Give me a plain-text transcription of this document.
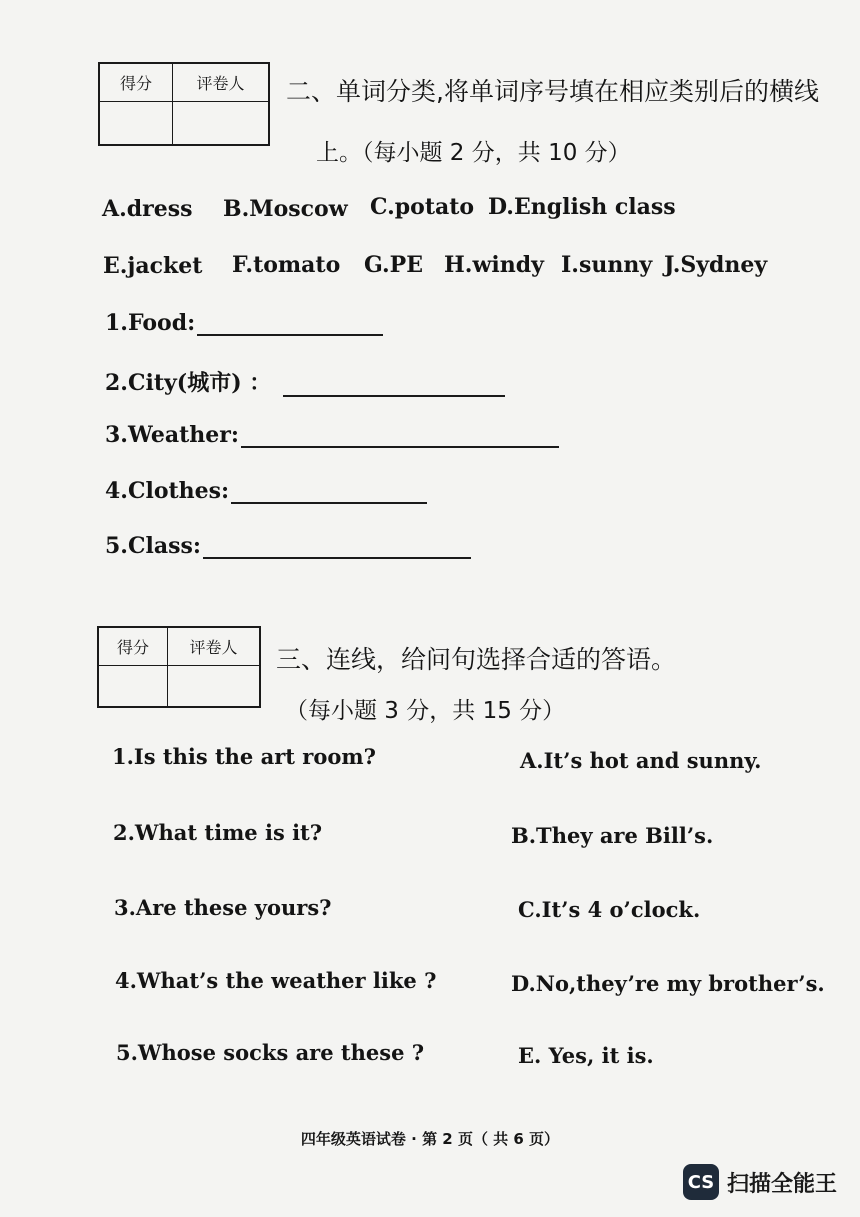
得分	评卷人
	二、单词分类,将单词序号填在相应类别后的横线
上。（每小题 2 分，共 10 分）
A.dress B.Moscow C.potato D.English class
E.jacket F.tomato G.PE H.windy I.sunny J.Sydney
1.Food:
2.City(城市) ：
3.Weather:
4.Clothes:
5.Class:
得分	评卷人
	三、连线，给问句选择合适的答语。
（每小题 3 分，共 15 分）
1.Is this the art room?
2.What time is it?
3.Are these yours?
4.What’s the weather like ?
5.Whose socks are these ?
A.It’s hot and sunny.
B.They are Bill’s.
C.It’s 4 o’clock.
D.No,they’re my brother’s.
E. Yes, it is.
四年级英语试卷 · 第 2 页（ 共 6 页）
CS 扫描全能王
